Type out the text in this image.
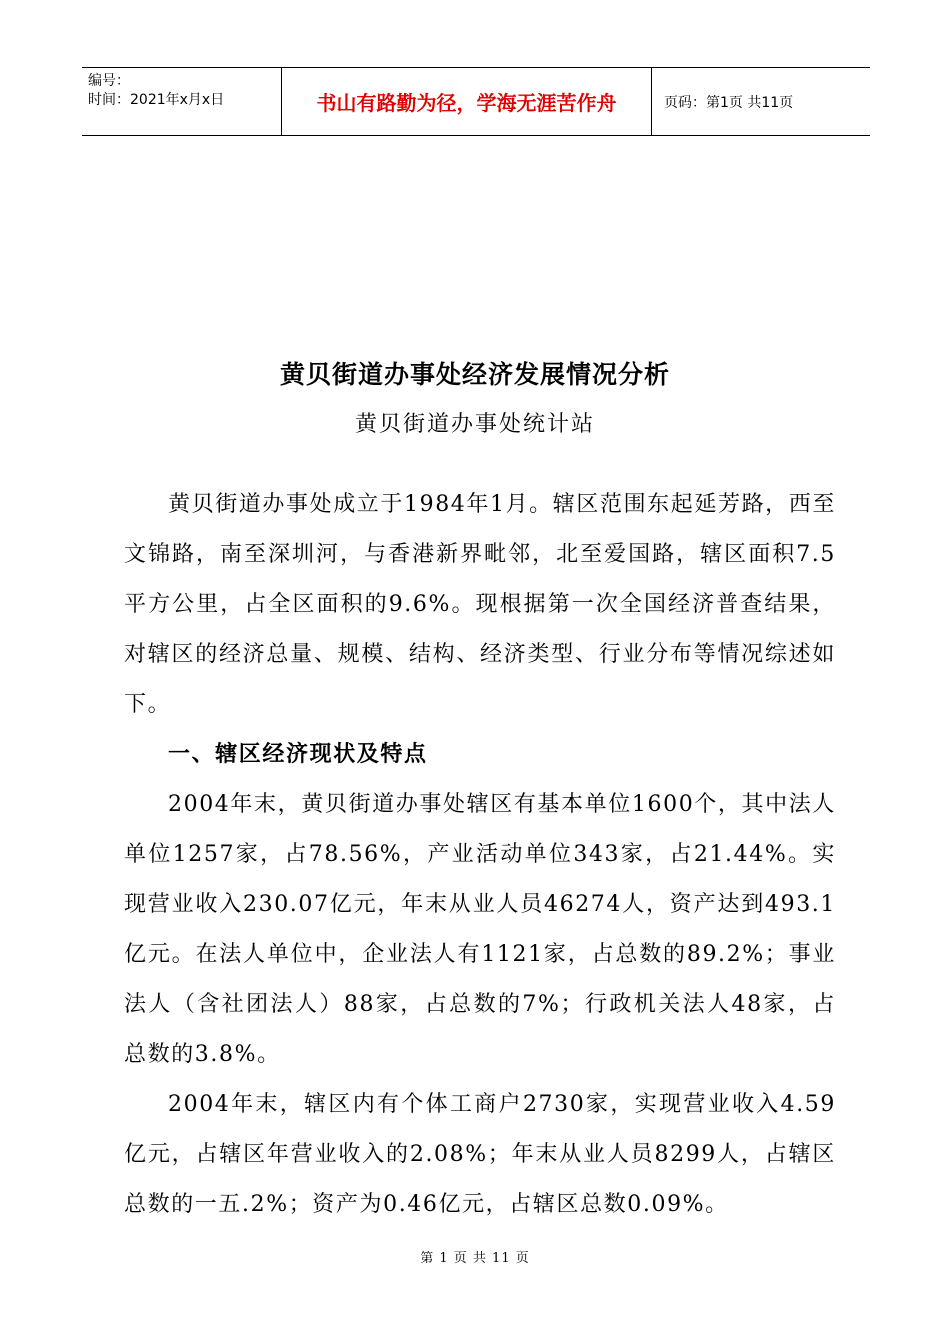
编号：
时间：2021年x月x日	书山有路勤为径，学海无涯苦作舟	页码：第1页 共11页
黄贝街道办事处经济发展情况分析
黄贝街道办事处统计站

黄贝街道办事处成立于1984年1月。辖区范围东起延芳路，西至文锦路，南至深圳河，与香港新界毗邻，北至爱国路，辖区面积7.5平方公里，占全区面积的9.6%。现根据第一次全国经济普查结果，对辖区的经济总量、规模、结构、经济类型、行业分布等情况综述如下。

一、辖区经济现状及特点

2004年末，黄贝街道办事处辖区有基本单位1600个，其中法人单位1257家，占78.56%，产业活动单位343家，占21.44%。实现营业收入230.07亿元，年末从业人员46274人，资产达到493.1亿元。在法人单位中，企业法人有1121家，占总数的89.2%；事业法人（含社团法人）88家，占总数的7%；行政机关法人48家，占总数的3.8%。

2004年末，辖区内有个体工商户2730家，实现营业收入4.59亿元，占辖区年营业收入的2.08%；年末从业人员8299人，占辖区总数的一五.2%；资产为0.46亿元，占辖区总数0.09%。

第 1 页 共 11 页
